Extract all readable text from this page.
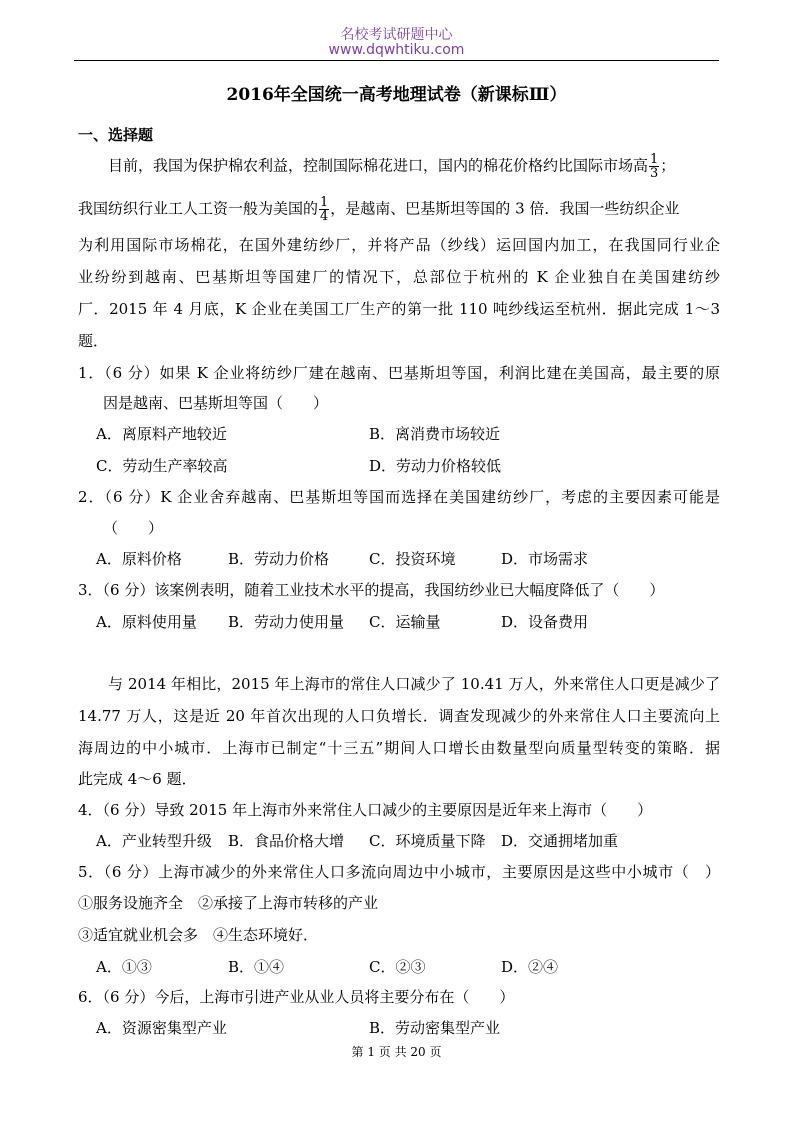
名校考试研题中心
www.dqwhtiku.com
2016年全国统一高考地理试卷（新课标Ⅲ）
一、选择题
目前，我国为保护棉农利益，控制国际棉花进口，国内的棉花价格约比国际市场高 $\frac{1}{3}$ ；
我国纺织行业工人工资一般为美国的 $\frac{1}{4}$ ，是越南、巴基斯坦等国的 3 倍．我国一些纺织企业
为利用国际市场棉花，在国外建纺纱厂，并将产品（纱线）运回国内加工，在我国同行业企
业纷纷到越南、巴基斯坦等国建厂的情况下，总部位于杭州的 K 企业独自在美国建纺纱
厂．2015 年 4 月底，K 企业在美国工厂生产的第一批 110 吨纱线运至杭州．据此完成 1～3
题．
1．（6 分）如果 K 企业将纺纱厂建在越南、巴基斯坦等国，利润比建在美国高，最主要的原
因是越南、巴基斯坦等国（　　）
A．离原料产地较近	B．离消费市场较近
C．劳动生产率较高	D．劳动力价格较低
2．（6 分）K 企业舍弃越南、巴基斯坦等国而选择在美国建纺纱厂，考虑的主要因素可能是
（　　）
A．原料价格	B．劳动力价格	C．投资环境	D．市场需求
3．（6 分）该案例表明，随着工业技术水平的提高，我国纺纱业已大幅度降低了（　　）
A．原料使用量 B．劳动力使用量 C．运输量	D．设备费用
与 2014 年相比，2015 年上海市的常住人口减少了 10.41 万人，外来常住人口更是减少了
14.77 万人，这是近 20 年首次出现的人口负增长．调查发现减少的外来常住人口主要流向上
海周边的中小城市．上海市已制定“十三五”期间人口增长由数量型向质量型转变的策略．据
此完成 4～6 题．
4．（6 分）导致 2015 年上海市外来常住人口减少的主要原因是近年来上海市（　　）
A．产业转型升级 B．食品价格大增 C．环境质量下降 D．交通拥堵加重
5．（6 分）上海市减少的外来常住人口多流向周边中小城市，主要原因是这些中小城市（　）
①服务设施齐全　②承接了上海市转移的产业
③适宜就业机会多　④生态环境好．
A．①③	B．①④	C．②③	D．②④
6．（6 分）今后，上海市引进产业从业人员将主要分布在（　　）
A．资源密集型产业	B．劳动密集型产业
第 1 页 共 20 页
